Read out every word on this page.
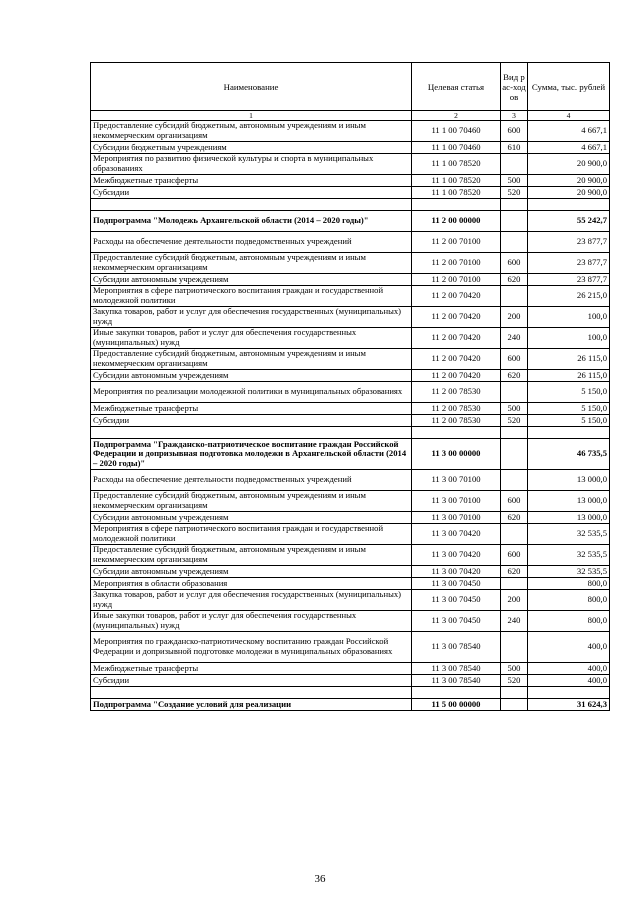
Наименование	Целевая статья	Вид рас-ходов	Сумма, тыс. рублей
1	2	3	4
Предоставление субсидий бюджетным, автономным учреждениям и иным некоммерческим организациям	11 1 00 70460	600	4 667,1
Субсидии бюджетным учреждениям	11 1 00 70460	610	4 667,1
Мероприятия по развитию физической культуры и спорта в муниципальных образованиях	11 1 00 78520		20 900,0
Межбюджетные трансферты	11 1 00 78520	500	20 900,0
Субсидии	11 1 00 78520	520	20 900,0

Подпрограмма "Молодежь Архангельской области (2014 – 2020 годы)"	11 2 00 00000		55 242,7
Расходы на обеспечение деятельности подведомственных учреждений	11 2 00 70100		23 877,7
Предоставление субсидий бюджетным, автономным учреждениям и иным некоммерческим организациям	11 2 00 70100	600	23 877,7
Субсидии автономным учреждениям	11 2 00 70100	620	23 877,7
Мероприятия в сфере патриотического воспитания граждан и государственной молодежной политики	11 2 00 70420		26 215,0
Закупка товаров, работ и услуг для обеспечения государственных (муниципальных) нужд	11 2 00 70420	200	100,0
Иные закупки товаров, работ и услуг для обеспечения государственных (муниципальных) нужд	11 2 00 70420	240	100,0
Предоставление субсидий бюджетным, автономным учреждениям и иным некоммерческим организациям	11 2 00 70420	600	26 115,0
Субсидии автономным учреждениям	11 2 00 70420	620	26 115,0
Мероприятия по реализации молодежной политики в муниципальных образованиях	11 2 00 78530		5 150,0
Межбюджетные трансферты	11 2 00 78530	500	5 150,0
Субсидии	11 2 00 78530	520	5 150,0

Подпрограмма "Гражданско-патриотическое воспитание граждан Российской Федерации и допризывная подготовка молодежи в Архангельской области (2014 – 2020 годы)"	11 3 00 00000		46 735,5
Расходы на обеспечение деятельности подведомственных учреждений	11 3 00 70100		13 000,0
Предоставление субсидий бюджетным, автономным учреждениям и иным некоммерческим организациям	11 3 00 70100	600	13 000,0
Субсидии автономным учреждениям	11 3 00 70100	620	13 000,0
Мероприятия в сфере патриотического воспитания граждан и государственной молодежной политики	11 3 00 70420		32 535,5
Предоставление субсидий бюджетным, автономным учреждениям и иным некоммерческим организациям	11 3 00 70420	600	32 535,5
Субсидии автономным учреждениям	11 3 00 70420	620	32 535,5
Мероприятия в области образования	11 3 00 70450		800,0
Закупка товаров, работ и услуг для обеспечения государственных (муниципальных) нужд	11 3 00 70450	200	800,0
Иные закупки товаров, работ и услуг для обеспечения государственных (муниципальных) нужд	11 3 00 70450	240	800,0
Мероприятия по гражданско-патриотическому воспитанию граждан Российской Федерации и допризывной подготовке молодежи в муниципальных образованиях	11 3 00 78540		400,0
Межбюджетные трансферты	11 3 00 78540	500	400,0
Субсидии	11 3 00 78540	520	400,0

Подпрограмма "Создание условий для реализации	11 5 00 00000		31 624,3
36
